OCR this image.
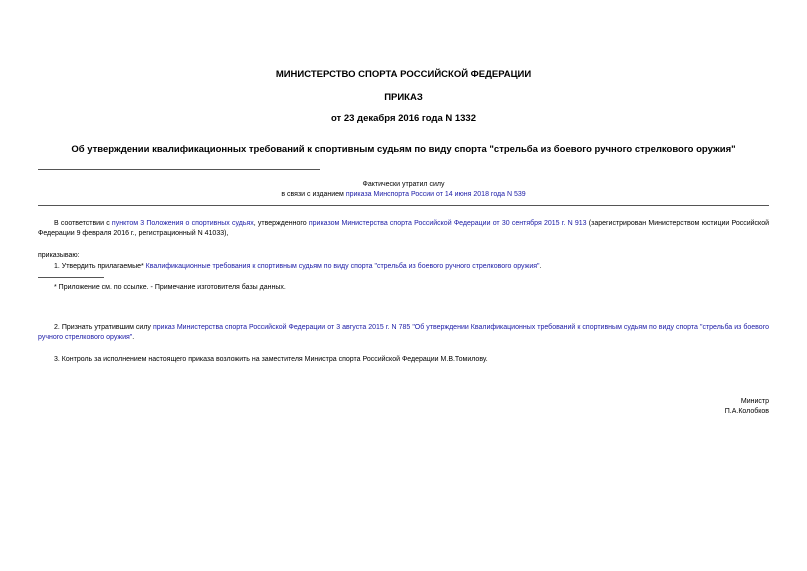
МИНИСТЕРСТВО СПОРТА РОССИЙСКОЙ ФЕДЕРАЦИИ
ПРИКАЗ
от 23 декабря 2016 года N 1332
Об утверждении квалификационных требований к спортивным судьям по виду спорта "стрельба из боевого ручного стрелкового оружия"
Фактически утратил силу
в связи с изданием приказа Минспорта России от 14 июня 2018 года N 539
В соответствии с пунктом 3 Положения о спортивных судьях, утвержденного приказом Министерства спорта Российской Федерации от 30 сентября 2015 г. N 913 (зарегистрирован Министерством юстиции Российской Федерации 9 февраля 2016 г., регистрационный N 41033),
приказываю:
1. Утвердить прилагаемые* Квалификационные требования к спортивным судьям по виду спорта "стрельба из боевого ручного стрелкового оружия".
* Приложение см. по ссылке. - Примечание изготовителя базы данных.
2. Признать утратившим силу приказ Министерства спорта Российской Федерации от 3 августа 2015 г. N 785 "Об утверждении Квалификационных требований к спортивным судьям по виду спорта "стрельба из боевого ручного стрелкового оружия".
3. Контроль за исполнением настоящего приказа возложить на заместителя Министра спорта Российской Федерации М.В.Томилову.
Министр
П.А.Колобков
